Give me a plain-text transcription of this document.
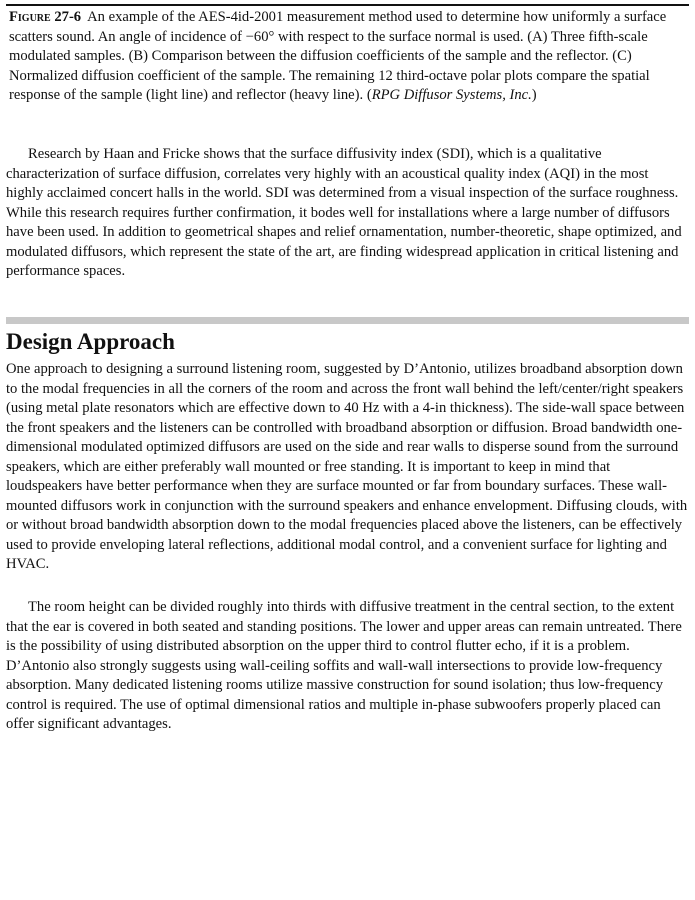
Figure 27-6 An example of the AES-4id-2001 measurement method used to determine how uniformly a surface scatters sound. An angle of incidence of −60° with respect to the surface normal is used. (A) Three fifth-scale modulated samples. (B) Comparison between the diffusion coefficients of the sample and the reflector. (C) Normalized diffusion coefficient of the sample. The remaining 12 third-octave polar plots compare the spatial response of the sample (light line) and reflector (heavy line). (RPG Diffusor Systems, Inc.)

Research by Haan and Fricke shows that the surface diffusivity index (SDI), which is a qualitative characterization of surface diffusion, correlates very highly with an acoustical quality index (AQI) in the most highly acclaimed concert halls in the world. SDI was determined from a visual inspection of the surface roughness. While this research requires further confirmation, it bodes well for installations where a large number of diffusors have been used. In addition to geometrical shapes and relief ornamentation, number-theoretic, shape optimized, and modulated diffusors, which represent the state of the art, are finding widespread application in critical listening and performance spaces.

Design Approach

One approach to designing a surround listening room, suggested by D’Antonio, utilizes broadband absorption down to the modal frequencies in all the corners of the room and across the front wall behind the left/center/right speakers (using metal plate resonators which are effective down to 40 Hz with a 4-in thickness). The side-wall space between the front speakers and the listeners can be controlled with broadband absorption or diffusion. Broad bandwidth one-dimensional modulated optimized diffusors are used on the side and rear walls to disperse sound from the surround speakers, which are either preferably wall mounted or free standing. It is important to keep in mind that loudspeakers have better performance when they are surface mounted or far from boundary surfaces. These wall-mounted diffusors work in conjunction with the surround speakers and enhance envelopment. Diffusing clouds, with or without broad bandwidth absorption down to the modal frequencies placed above the listeners, can be effectively used to provide enveloping lateral reflections, additional modal control, and a convenient surface for lighting and HVAC.

The room height can be divided roughly into thirds with diffusive treatment in the central section, to the extent that the ear is covered in both seated and standing positions. The lower and upper areas can remain untreated. There is the possibility of using distributed absorption on the upper third to control flutter echo, if it is a problem. D’Antonio also strongly suggests using wall-ceiling soffits and wall-wall intersections to provide low-frequency absorption. Many dedicated listening rooms utilize massive construction for sound isolation; thus low-frequency control is required. The use of optimal dimensional ratios and multiple in-phase subwoofers properly placed can offer significant advantages.
